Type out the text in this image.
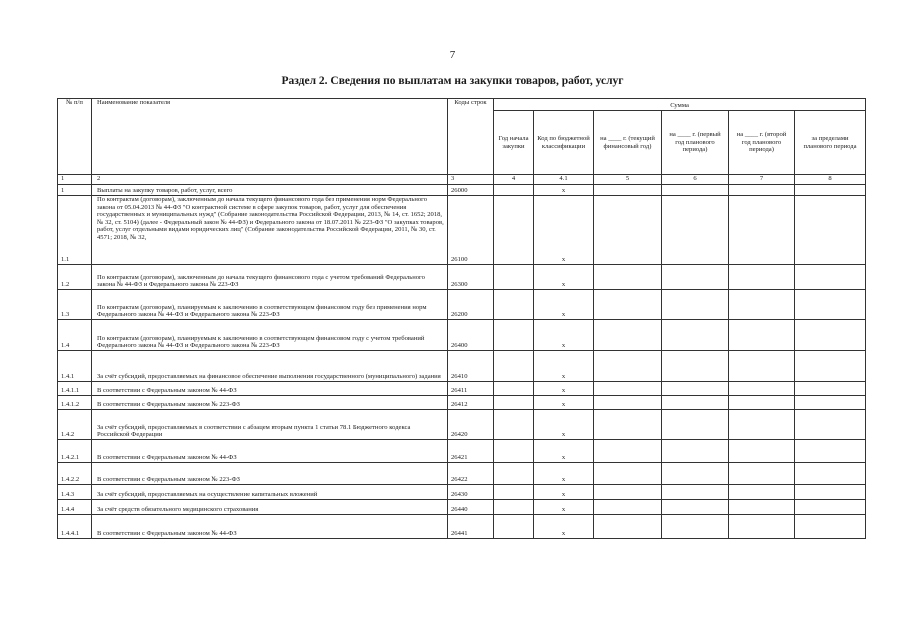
7
Раздел 2. Сведения по выплатам на закупки товаров, работ, услуг
№ п/п	Наименование показателя	Коды строк	Сумма					
			Год начала закупки	Код по бюджетной классификации	на ____ г. (текущий финансовый год)	на ____ г. (первый год планового периода)	на ____ г. (второй год планового периода)	за пределами планового периода
1	2	3	4	4.1	5	6	7	8
1	Выплаты на закупку товаров, работ, услуг, всего	26000		x				
1.1	По контрактам (договорам), заключенным до начала текущего финансового года без применения норм Федерального закона от 05.04.2013 № 44-ФЗ "О контрактной системе в сфере закупок товаров, работ, услуг для обеспечения государственных и муниципальных нужд" (Собрание законодательства Российской Федерации, 2013, № 14, ст. 1652; 2018, № 32, ст. 5104) (далее - Федеральный закон № 44-ФЗ) и Федерального закона от 18.07.2011 № 223-ФЗ "О закупках товаров, работ, услуг отдельными видами юридических лиц" (Собрание законодательства Российской Федерации, 2011, № 30, ст. 4571; 2018, № 32,	26100		x				
1.2	По контрактам (договорам), заключенным до начала текущего финансового года с учетом требований Федерального закона № 44-ФЗ и Федерального закона № 223-ФЗ	26300		x				
1.3	По контрактам (договорам), планируемым к заключению в соответствующем финансовом году без применения норм Федерального закона № 44-ФЗ и Федерального закона № 223-ФЗ	26200		x				
1.4	По контрактам (договорам), планируемым к заключению в соответствующем финансовом году с учетом требований Федерального закона № 44-ФЗ и Федерального закона № 223-ФЗ	26400		x				
1.4.1	За счёт субсидий, предоставляемых на финансовое обеспечение выполнения государственного (муниципального) задания	26410		x				
1.4.1.1	В соответствии с Федеральным законом № 44-ФЗ	26411		x				
1.4.1.2	В соответствии с Федеральным законом № 223-ФЗ	26412		x				
1.4.2	За счёт субсидий, предоставляемых в соответствии с абзацем вторым пункта 1 статьи 78.1 Бюджетного кодекса Российской Федерации	26420		x				
1.4.2.1	В соответствии с Федеральным законом № 44-ФЗ	26421		x				
1.4.2.2	В соответствии с Федеральным законом № 223-ФЗ	26422		x				
1.4.3	За счёт субсидий, предоставляемых на осуществление капитальных вложений	26430		x				
1.4.4	За счёт средств обязательного медицинского страхования	26440		x				
1.4.4.1	В соответствии с Федеральным законом № 44-ФЗ	26441		x				
